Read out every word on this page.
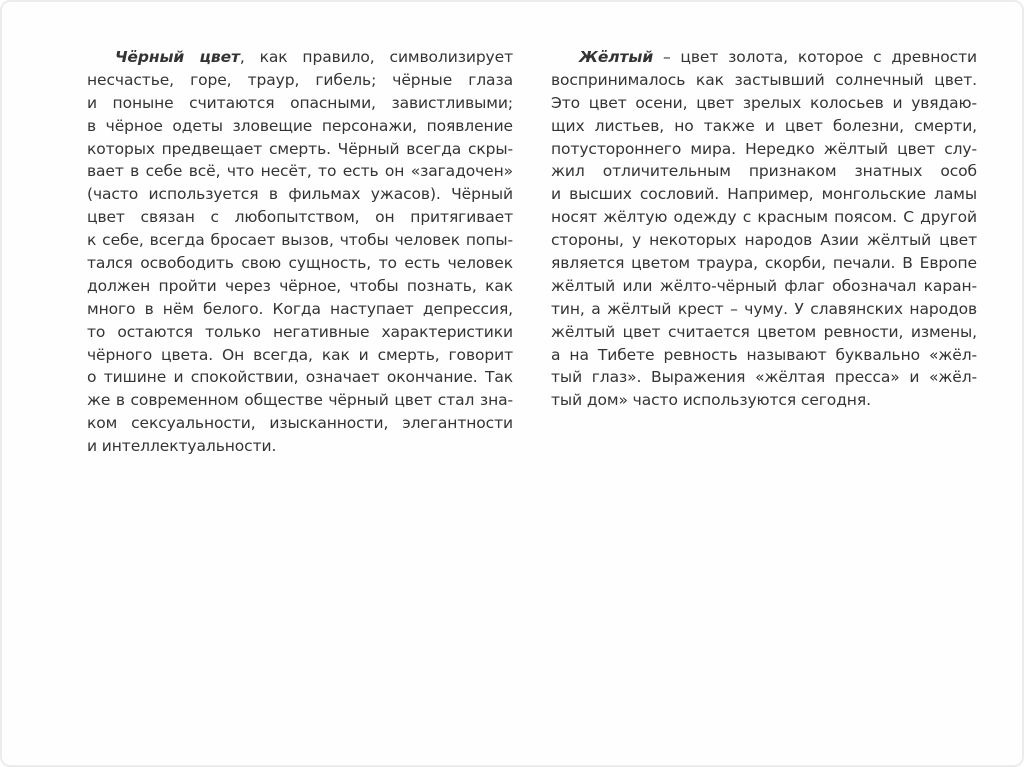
Чёрный цвет, как правило, символизирует
несчастье, горе, траур, гибель; чёрные глаза
и поныне считаются опасными, завистливыми;
в чёрное одеты зловещие персонажи, появление
которых предвещает смерть. Чёрный всегда скры-
вает в себе всё, что несёт, то есть он «загадочен»
(часто используется в фильмах ужасов). Чёрный
цвет связан с любопытством, он притягивает
к себе, всегда бросает вызов, чтобы человек попы-
тался освободить свою сущность, то есть человек
должен пройти через чёрное, чтобы познать, как
много в нём белого. Когда наступает депрессия,
то остаются только негативные характеристики
чёрного цвета. Он всегда, как и смерть, говорит
о тишине и спокойствии, означает окончание. Так
же в современном обществе чёрный цвет стал зна-
ком сексуальности, изысканности, элегантности
и интеллектуальности.
Жёлтый – цвет золота, которое с древности
воспринималось как застывший солнечный цвет.
Это цвет осени, цвет зрелых колосьев и увядаю-
щих листьев, но также и цвет болезни, смерти,
потустороннего мира. Нередко жёлтый цвет слу-
жил отличительным признаком знатных особ
и высших сословий. Например, монгольские ламы
носят жёлтую одежду с красным поясом. С другой
стороны, у некоторых народов Азии жёлтый цвет
является цветом траура, скорби, печали. В Европе
жёлтый или жёлто-чёрный флаг обозначал каран-
тин, а жёлтый крест – чуму. У славянских народов
жёлтый цвет считается цветом ревности, измены,
а на Тибете ревность называют буквально «жёл-
тый глаз». Выражения «жёлтая пресса» и «жёл-
тый дом» часто используются сегодня.
